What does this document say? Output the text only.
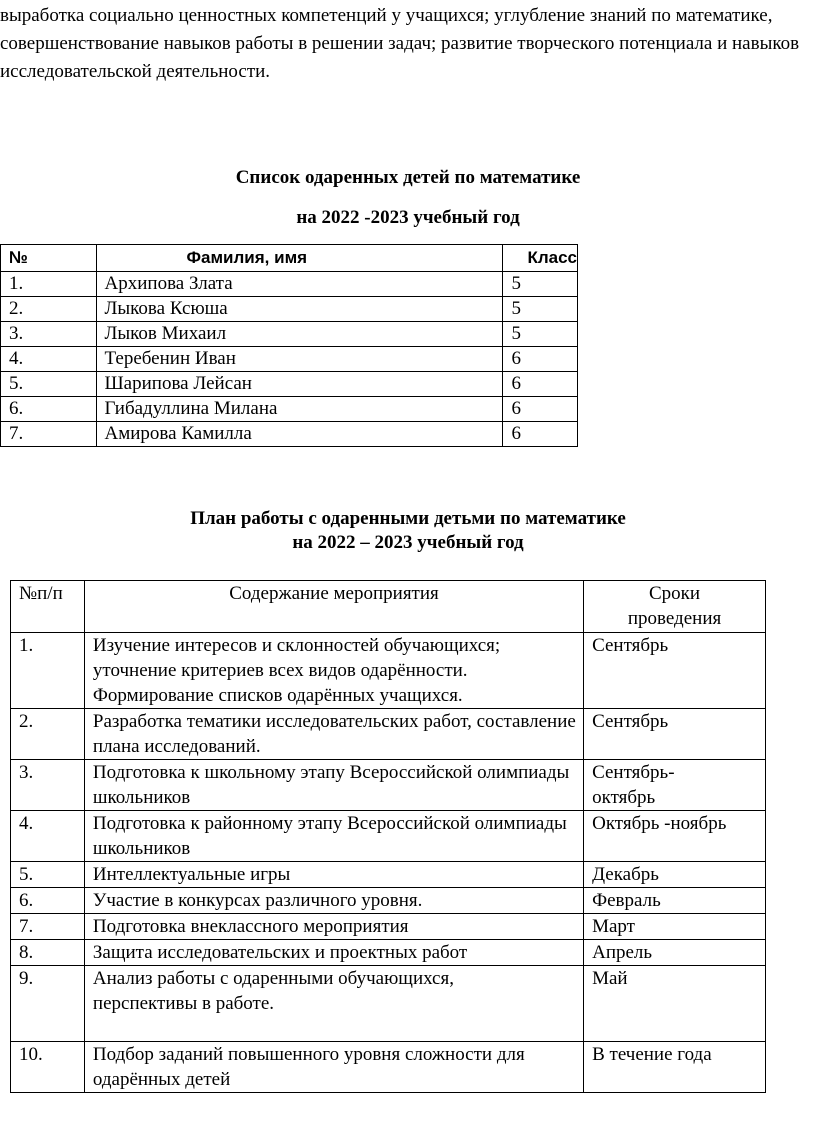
выработка социально ценностных компетенций у учащихся; углубление знаний по математике, совершенствование навыков работы в решении задач; развитие творческого потенциала и навыков исследовательской деятельности.

Список одаренных детей по математике
на 2022 -2023 учебный год
№	Фамилия, имя	Класс
1.	Архипова Злата	5
2.	Лыкова Ксюша	5
3.	Лыков Михаил	5
4.	Теребенин Иван	6
5.	Шарипова Лейсан	6
6.	Гибадуллина Милана	6
7.	Амирова Камилла	6
План работы с одаренными детьми по математике
на 2022 – 2023 учебный год
№п/п	Содержание мероприятия	Сроки проведения
1.	Изучение интересов и склонностей обучающихся; уточнение критериев всех видов одарённости. Формирование списков одарённых учащихся.	Сентябрь
2.	Разработка тематики исследовательских работ, составление плана исследований.	Сентябрь
3.	Подготовка к школьному этапу Всероссийской олимпиады школьников	Сентябрь-октябрь
4.	Подготовка к районному этапу Всероссийской олимпиады школьников	Октябрь -ноябрь
5.	Интеллектуальные игры	Декабрь
6.	Участие в конкурсах различного уровня.	Февраль
7.	Подготовка внеклассного мероприятия	Март
8.	Защита исследовательских и проектных работ	Апрель
9.	Анализ работы с одаренными обучающихся, перспективы в работе.	Май
10.	Подбор заданий повышенного уровня сложности для одарённых детей	В течение года
